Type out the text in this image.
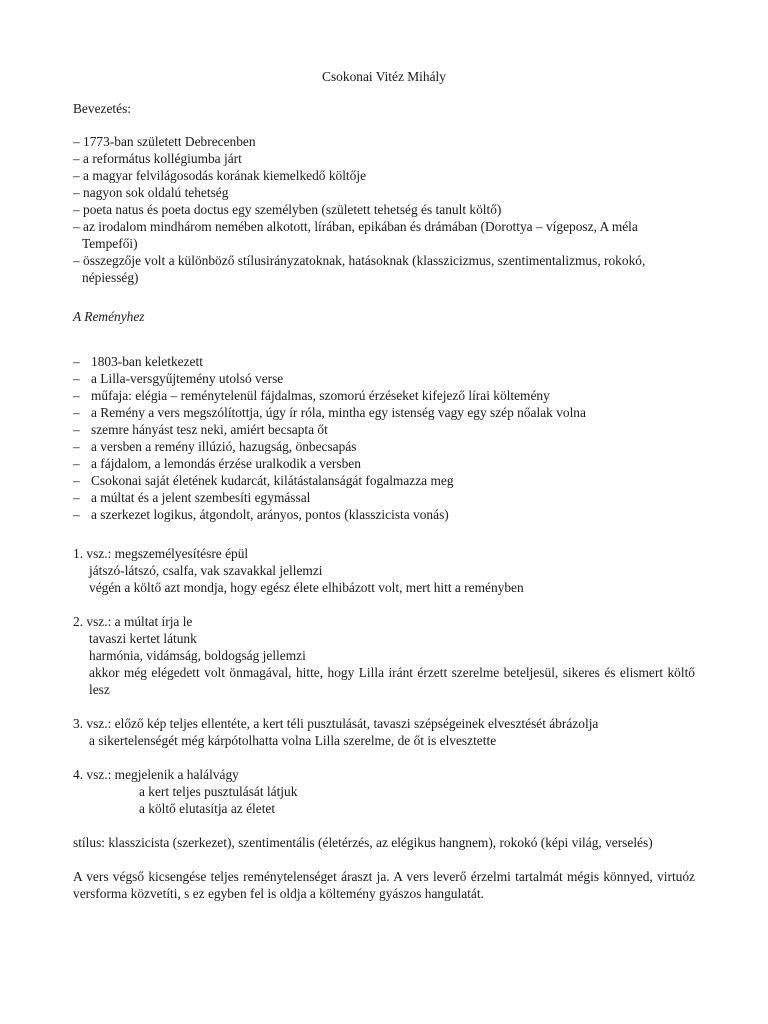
Csokonai Vitéz Mihály
Bevezetés:
– 1773-ban született Debrecenben
– a református kollégiumba járt
– a magyar felvilágosodás korának kiemelkedő költője
– nagyon sok oldalú tehetség
– poeta natus és poeta doctus egy személyben (született tehetség és tanult költő)
– az irodalom mindhárom nemében alkotott, lírában, epikában és drámában (Dorottya – vígeposz, A méla Tempefői)
– összegzője volt a különböző stílusirányzatoknak, hatásoknak (klasszicizmus, szentimentalizmus, rokokó, népiesség)
A Reményhez
– 1803-ban keletkezett
– a Lilla-versgyűjtemény utolsó verse
– műfaja: elégia – reménytelenül fájdalmas, szomorú érzéseket kifejező lírai költemény
– a Remény a vers megszólítottja, úgy ír róla, mintha egy istenség vagy egy szép nőalak volna
– szemre hányást tesz neki, amiért becsapta őt
– a versben a remény illúzió, hazugság, önbecsapás
– a fájdalom, a lemondás érzése uralkodik a versben
– Csokonai saját életének kudarcát, kilátástalanságát fogalmazza meg
– a múltat és a jelent szembesíti egymással
– a szerkezet logikus, átgondolt, arányos, pontos (klasszicista vonás)
1. vsz.: megszemélyesítésre épül
játszó-látszó, csalfa, vak szavakkal jellemzi
végén a költő azt mondja, hogy egész élete elhibázott volt, mert hitt a reményben
2. vsz.: a múltat írja le
tavaszi kertet látunk
harmónia, vidámság, boldogság jellemzi
akkor még elégedett volt önmagával, hitte, hogy Lilla iránt érzett szerelme beteljesül, sikeres és elismert költő lesz
3. vsz.: előző kép teljes ellentéte, a kert téli pusztulását, tavaszi szépségeinek elvesztését ábrázolja
a sikertelenségét még kárpótolhatta volna Lilla szerelme, de őt is elvesztette
4. vsz.: megjelenik a halálvágy
a kert teljes pusztulását látjuk
a költő elutasítja az életet
stílus: klasszicista (szerkezet), szentimentális (életérzés, az elégikus hangnem), rokokó (képi világ, verselés)
A vers végső kicsengése teljes reménytelenséget áraszt ja. A vers leverő érzelmi tartalmát mégis könnyed, virtuóz versforma közvetíti, s ez egyben fel is oldja a költemény gyászos hangulatát.
